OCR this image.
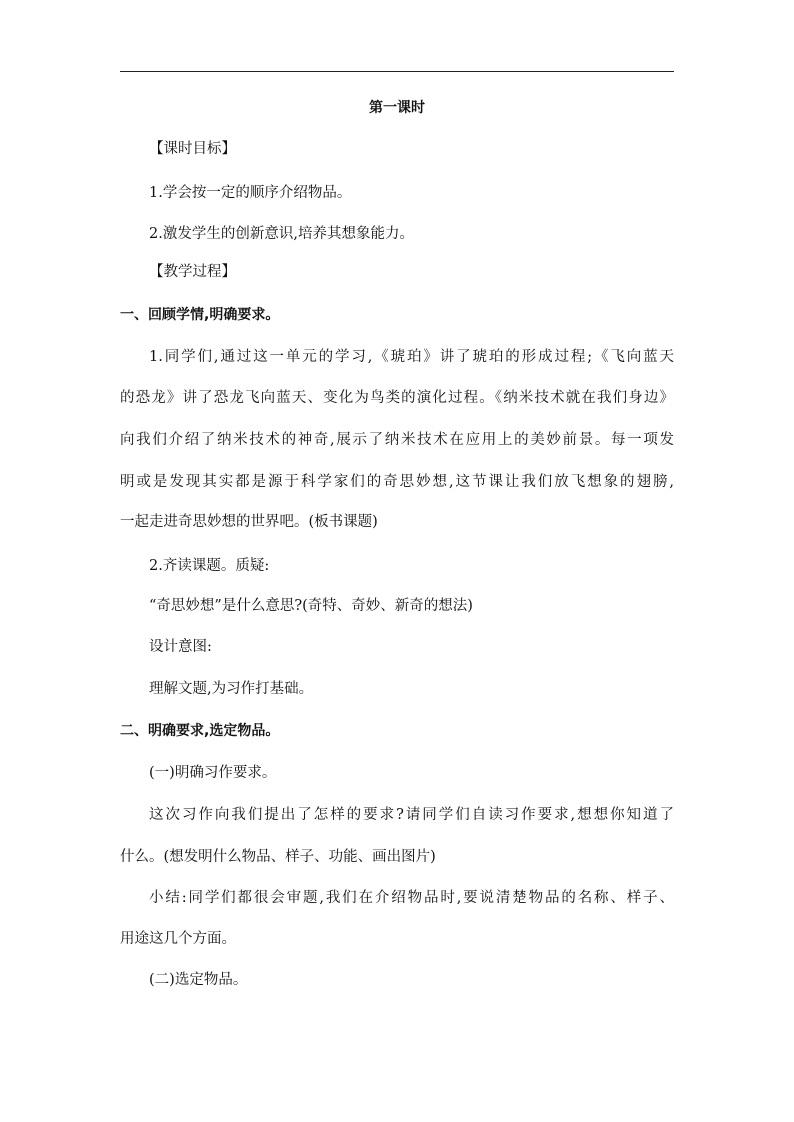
第一课时
【课时目标】
1.学会按一定的顺序介绍物品。
2.激发学生的创新意识,培养其想象能力。
【教学过程】
一、回顾学情,明确要求。
1.同学们,通过这一单元的学习,《琥珀》讲了琥珀的形成过程;《飞向蓝天
的恐龙》讲了恐龙飞向蓝天、变化为鸟类的演化过程。《纳米技术就在我们身边》
向我们介绍了纳米技术的神奇,展示了纳米技术在应用上的美妙前景。每一项发
明或是发现其实都是源于科学家们的奇思妙想,这节课让我们放飞想象的翅膀,
一起走进奇思妙想的世界吧。(板书课题)
2.齐读课题。质疑:
“奇思妙想”是什么意思?(奇特、奇妙、新奇的想法)
设计意图:
理解文题,为习作打基础。
二、明确要求,选定物品。
(一)明确习作要求。
这次习作向我们提出了怎样的要求?请同学们自读习作要求,想想你知道了
什么。(想发明什么物品、样子、功能、画出图片)
小结:同学们都很会审题,我们在介绍物品时,要说清楚物品的名称、样子、
用途这几个方面。
(二)选定物品。
